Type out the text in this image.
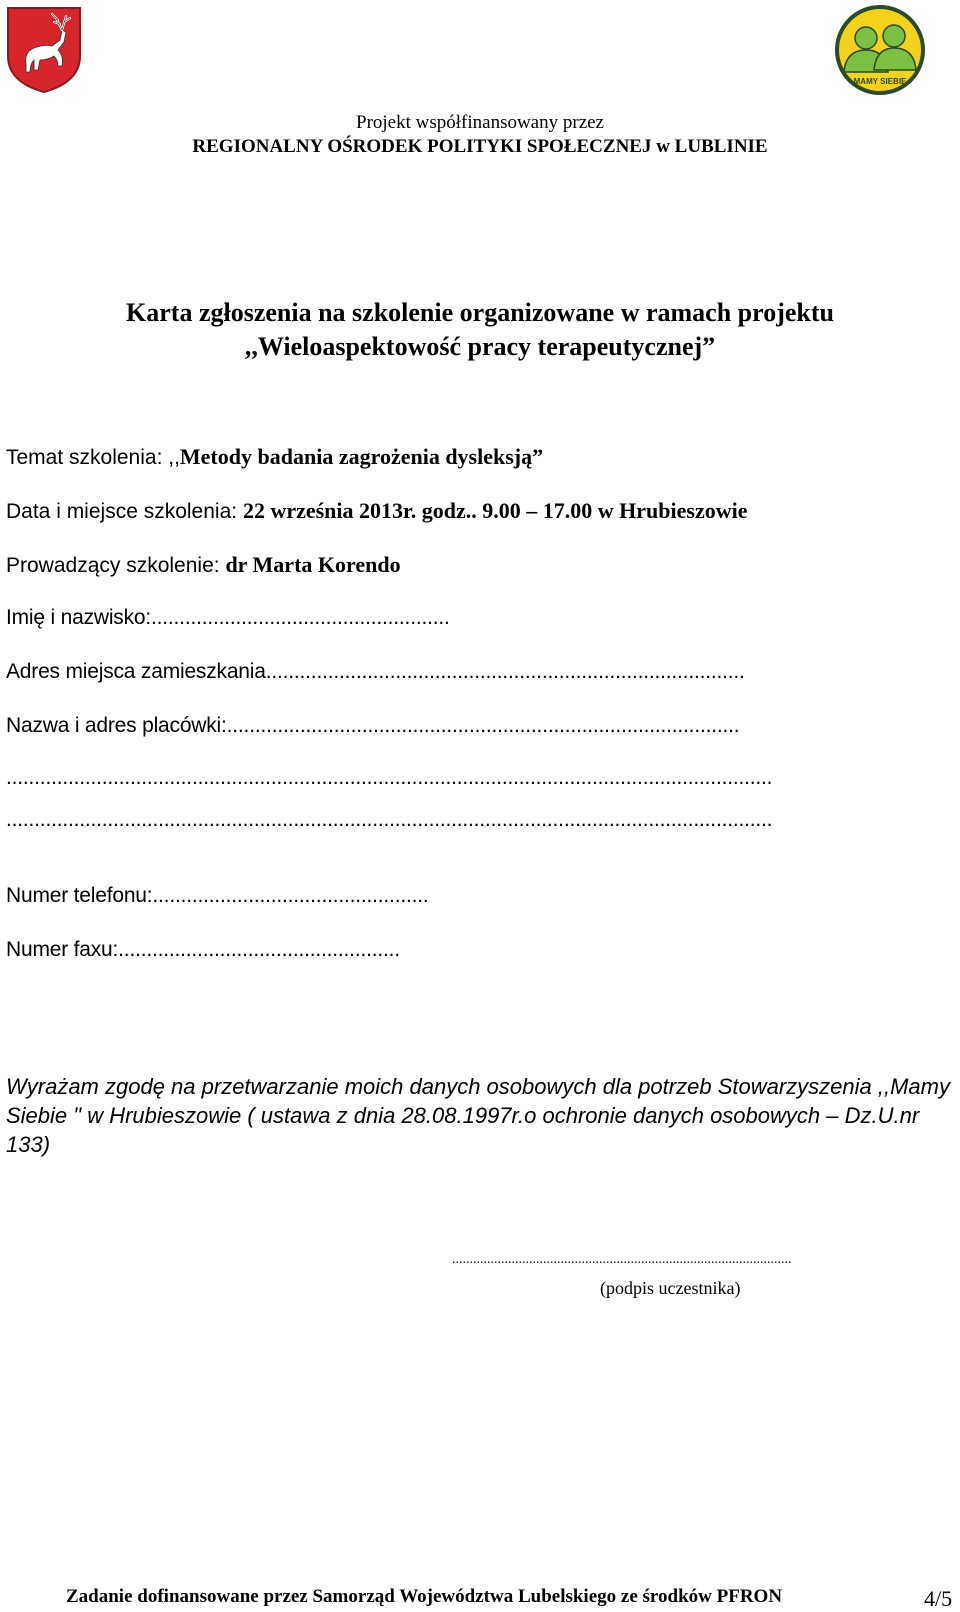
MAMY SIEBIE
Projekt współfinansowany przez
REGIONALNY OŚRODEK POLITYKI SPOŁECZNEJ w LUBLINIE
Karta zgłoszenia na szkolenie organizowane w ramach projektu
,,Wieloaspektowość pracy terapeutycznej”
Temat szkolenia: ,,Metody badania zagrożenia dysleksją”
Data i miejsce szkolenia: 22 września 2013r. godz.. 9.00 – 17.00 w Hrubieszowie
Prowadzący szkolenie: dr Marta Korendo
Imię i nazwisko:.....................................................
Adres miejsca zamieszkania.....................................................................................
Nazwa i adres placówki:...........................................................................................
........................................................................................................................................
........................................................................................................................................
Numer telefonu:.................................................
Numer faxu:..................................................
Wyrażam zgodę na przetwarzanie moich danych osobowych dla potrzeb Stowarzyszenia ,,Mamy Siebie " w Hrubieszowie ( ustawa z dnia 28.08.1997r.o ochronie danych osobowych – Dz.U.nr 133)
.................................................................................................
(podpis uczestnika)
Zadanie dofinansowane przez Samorząd Województwa Lubelskiego ze środków PFRON	4/5
